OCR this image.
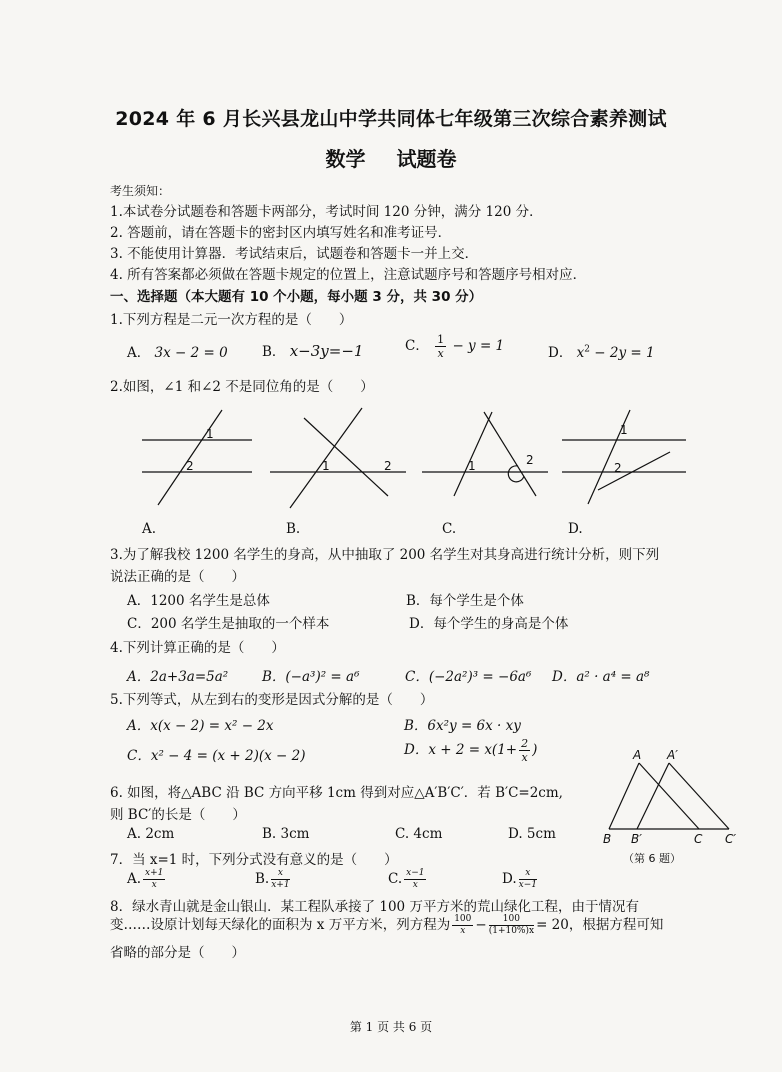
2024 年 6 月长兴县龙山中学共同体七年级第三次综合素养测试
数学 试题卷
考生须知：
1.本试卷分试题卷和答题卡两部分，考试时间 120 分钟，满分 120 分．
2. 答题前，请在答题卡的密封区内填写姓名和准考证号．
3. 不能使用计算器．考试结束后，试题卷和答题卡一并上交．
4. 所有答案都必须做在答题卡规定的位置上，注意试题序号和答题序号相对应．
一、选择题（本大题有 10 个小题，每小题 3 分，共 30 分）
1.下列方程是二元一次方程的是（　　）
A． 3x − 2 = 0	B． x−3y=−1	C． $\frac{1}{x} - y = 1$	D． $x^2 - 2y = 1$
2.如图，∠1 和∠2 不是同位角的是（　　）
1
2	1	2	1	2
1
2
A.	B.	C.	D.
3.为了解我校 1200 名学生的身高，从中抽取了 200 名学生对其身高进行统计分析，则下列
说法正确的是（　　）
A．1200 名学生是总体	B．每个学生是个体
C．200 名学生是抽取的一个样本	D．每个学生的身高是个体
4.下列计算正确的是（　　）
A．2a+3a=5a²	B．(−a³)² = a⁶	C．(−2a²)³ = −6a⁶ D．a² · a⁴ = a⁸
5.下列等式，从左到右的变形是因式分解的是（　　）
A．x(x − 2) = x² − 2x	B．6x²y = 6x · xy
C．x² − 4 = (x + 2)(x − 2)	D．$x + 2 = x(1+ \frac{2}{x}$ )
6. 如图，将△ABC 沿 BC 方向平移 1cm 得到对应△A′B′C′．若 B′C=2cm,
则 BC′的长是（　　）
A. 2cm	B. 3cm	C. 4cm	D. 5cm
A A′
B B′	C C′
（第 6 题）
7．当 x=1 时，下列分式没有意义的是（　　）
A. $\frac{x+1}{x}$	B. $\frac{x}{x+1}$	C. $\frac{x-1}{x}$	D. $\frac{x}{x-1}$
8．绿水青山就是金山银山．某工程队承接了 100 万平方米的荒山绿化工程，由于情况有
变……设原计划每天绿化的面积为 x 万平方米，列方程为 $\frac{100}{x} - \frac{100}{(1+10\%)x} = 20$，根据方程可知
省略的部分是（　　）
第 1 页 共 6 页
